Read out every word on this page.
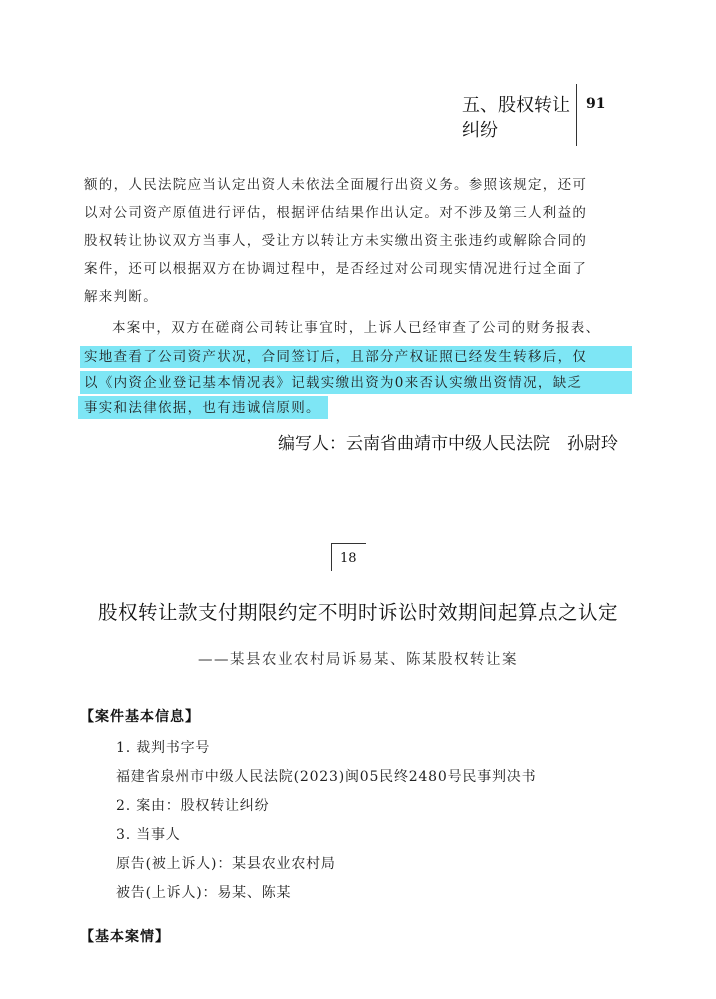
五、股权转让纠纷
91
额的，人民法院应当认定出资人未依法全面履行出资义务。参照该规定，还可
以对公司资产原值进行评估，根据评估结果作出认定。对不涉及第三人利益的
股权转让协议双方当事人，受让方以转让方未实缴出资主张违约或解除合同的
案件，还可以根据双方在协调过程中，是否经过对公司现实情况进行过全面了
解来判断。
本案中，双方在磋商公司转让事宜时，上诉人已经审查了公司的财务报表、
实地查看了公司资产状况，合同签订后，且部分产权证照已经发生转移后，仅
以《内资企业登记基本情况表》记载实缴出资为0来否认实缴出资情况，缺乏
事实和法律依据，也有违诚信原则。
编写人：云南省曲靖市中级人民法院　孙尉玲
18
股权转让款支付期限约定不明时诉讼时效期间起算点之认定
——某县农业农村局诉易某、陈某股权转让案
【案件基本信息】
1. 裁判书字号
福建省泉州市中级人民法院(2023)闽05民终2480号民事判决书
2. 案由：股权转让纠纷
3. 当事人
原告(被上诉人)：某县农业农村局
被告(上诉人)：易某、陈某
【基本案情】
